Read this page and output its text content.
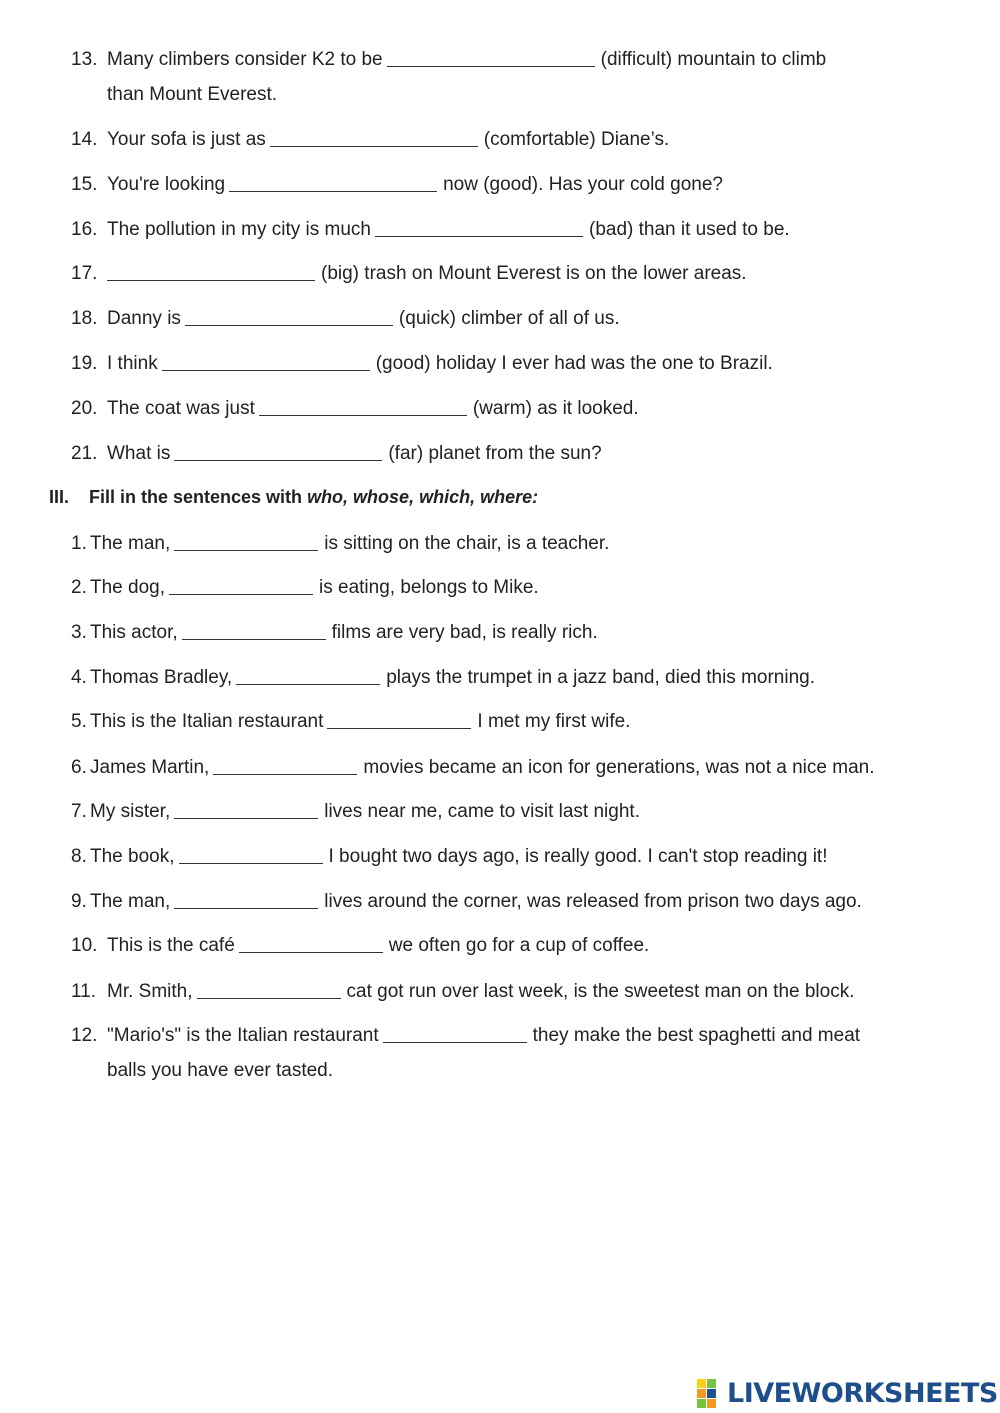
13. Many climbers consider K2 to be	(difficult) mountain to climb
than Mount Everest.
14. Your sofa is just as	(comfortable) Diane’s.
15. You're looking	now (good). Has your cold gone?
16. The pollution in my city is much	(bad) than it used to be.
17.	(big) trash on Mount Everest is on the lower areas.
18. Danny is	(quick) climber of all of us.
19. I think	(good) holiday I ever had was the one to Brazil.
20. The coat was just	(warm) as it looked.
21. What is	(far) planet from the sun?
III. Fill in the sentences with who, whose, which, where:
1. The man,	is sitting on the chair, is a teacher.
2. The dog,	is eating, belongs to Mike.
3. This actor,	films are very bad, is really rich.
4. Thomas Bradley,	plays the trumpet in a jazz band, died this morning.
5. This is the Italian restaurant	I met my first wife.
6. James Martin,	movies became an icon for generations, was not a nice man.
7. My sister,	lives near me, came to visit last night.
8. The book,	I bought two days ago, is really good. I can't stop reading it!
9. The man,	lives around the corner, was released from prison two days ago.
10. This is the café	we often go for a cup of coffee.
11. Mr. Smith,	cat got run over last week, is the sweetest man on the block.
12. "Mario's" is the Italian restaurant	they make the best spaghetti and meat
balls you have ever tasted.
LIVEWORKSHEETS
